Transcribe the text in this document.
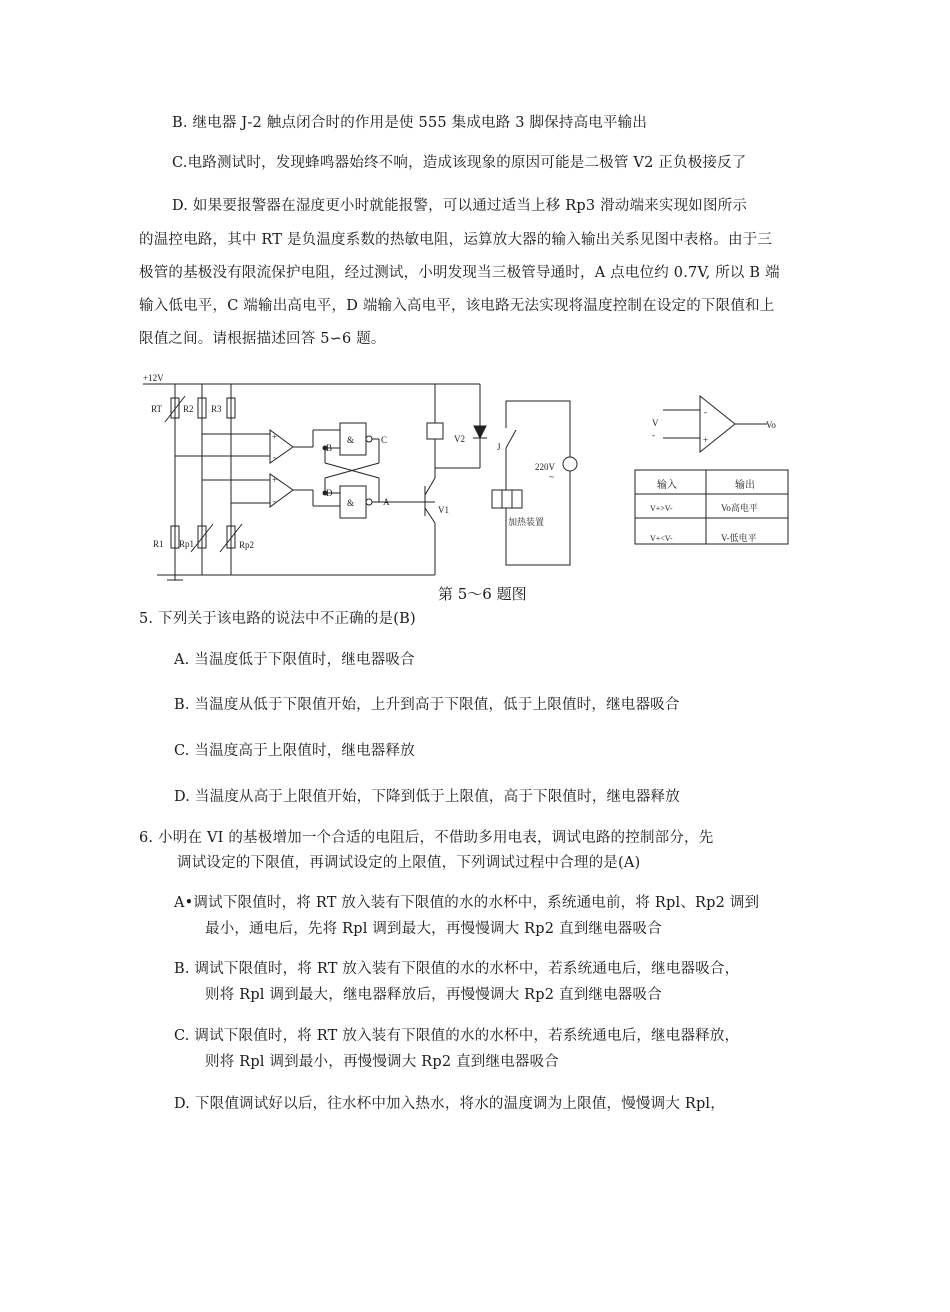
B. 继电器 J-2 触点闭合时的作用是使 555 集成电路 3 脚保持高电平输出
C.电路测试时，发现蜂鸣器始终不响，造成该现象的原因可能是二极管 V2 正负极接反了
D. 如果要报警器在湿度更小时就能报警，可以通过适当上移 Rp3 滑动端来实现如图所示
的温控电路，其中 RT 是负温度系数的热敏电阻，运算放大器的输入输出关系见图中表格。由于三
极管的基极没有限流保护电阻，经过测试，小明发现当三极管导通时，A 点电位约 0.7V, 所以 B 端
输入低电平，C 端输出高电平，D 端输入高电平，该电路无法实现将温度控制在设定的下限值和上
限值之间。请根据描述回答 5∽6 题。
+12V
RT R2 R3
R1 Rp1	Rp2
+
-
+
-
&
&
B
C
D
A
V1
V2
J
220V
~
加热装置
-
+
V
-
Vo
输入	输出
V+>V-	Vo高电平
V+<V-	V-低电平
第 5～6 题图
5. 下列关于该电路的说法中不正确的是(B)
A. 当温度低于下限值时，继电器吸合
B. 当温度从低于下限值开始，上升到高于下限值，低于上限值时，继电器吸合
C. 当温度高于上限值时，继电器释放
D. 当温度从高于上限值开始，下降到低于上限值，高于下限值时，继电器释放
6. 小明在 VI 的基极增加一个合适的电阻后，不借助多用电表，调试电路的控制部分，先
调试设定的下限值，再调试设定的上限值，下列调试过程中合理的是(A)
A•调试下限值时，将 RT 放入装有下限值的水的水杯中，系统通电前，将 Rpl、Rp2 调到
最小，通电后，先将 Rpl 调到最大，再慢慢调大 Rp2 直到继电器吸合
B. 调试下限值时，将 RT 放入装有下限值的水的水杯中，若系统通电后，继电器吸合，
则将 Rpl 调到最大，继电器释放后，再慢慢调大 Rp2 直到继电器吸合
C. 调试下限值时，将 RT 放入装有下限值的水的水杯中，若系统通电后，继电器释放，
则将 Rpl 调到最小，再慢慢调大 Rp2 直到继电器吸合
D. 下限值调试好以后，往水杯中加入热水，将水的温度调为上限值，慢慢调大 Rpl，
